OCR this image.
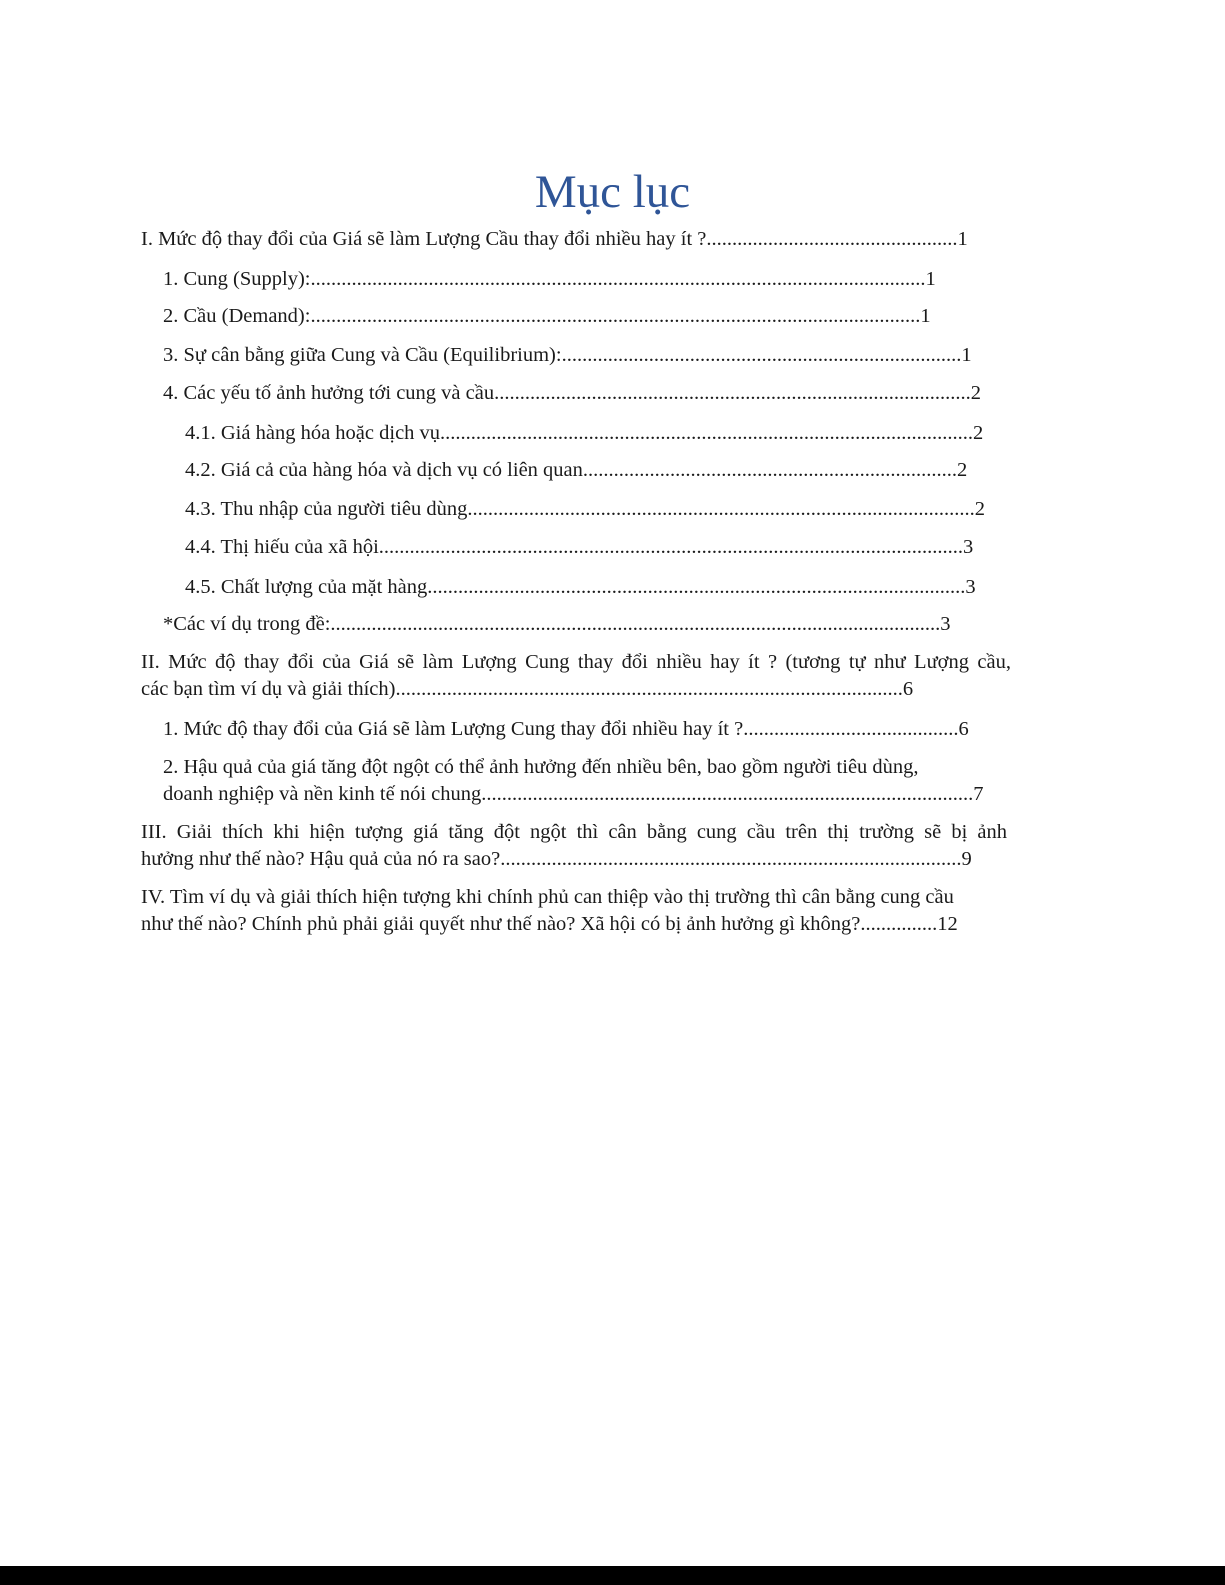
Mục lục
I. Mức độ thay đổi của Giá sẽ làm Lượng Cầu thay đổi nhiều hay ít ?.................................................1
1. Cung (Supply):........................................................................................................................1
2. Cầu (Demand):.......................................................................................................................1
3. Sự cân bằng giữa Cung và Cầu (Equilibrium):..............................................................................1
4. Các yếu tố ảnh hưởng tới cung và cầu.............................................................................................2
4.1. Giá hàng hóa hoặc dịch vụ........................................................................................................2
4.2. Giá cả của hàng hóa và dịch vụ có liên quan.........................................................................2
4.3. Thu nhập của người tiêu dùng...................................................................................................2
4.4. Thị hiếu của xã hội..................................................................................................................3
4.5. Chất lượng của mặt hàng.........................................................................................................3
*Các ví dụ trong đề:.......................................................................................................................3
II. Mức độ thay đổi của Giá sẽ làm Lượng Cung thay đổi nhiều hay ít ? (tương tự như Lượng cầu,
các bạn tìm ví dụ và giải thích)...................................................................................................6
1. Mức độ thay đổi của Giá sẽ làm Lượng Cung thay đổi nhiều hay ít ?..........................................6
2. Hậu quả của giá tăng đột ngột có thể ảnh hưởng đến nhiều bên, bao gồm người tiêu dùng,
doanh nghiệp và nền kinh tế nói chung................................................................................................7
III. Giải thích khi hiện tượng giá tăng đột ngột thì cân bằng cung cầu trên thị trường sẽ bị ảnh
hưởng như thế nào? Hậu quả của nó ra sao?..........................................................................................9
IV. Tìm ví dụ và giải thích hiện tượng khi chính phủ can thiệp vào thị trường thì cân bằng cung cầu
như thế nào? Chính phủ phải giải quyết như thế nào? Xã hội có bị ảnh hưởng gì không?...............12
